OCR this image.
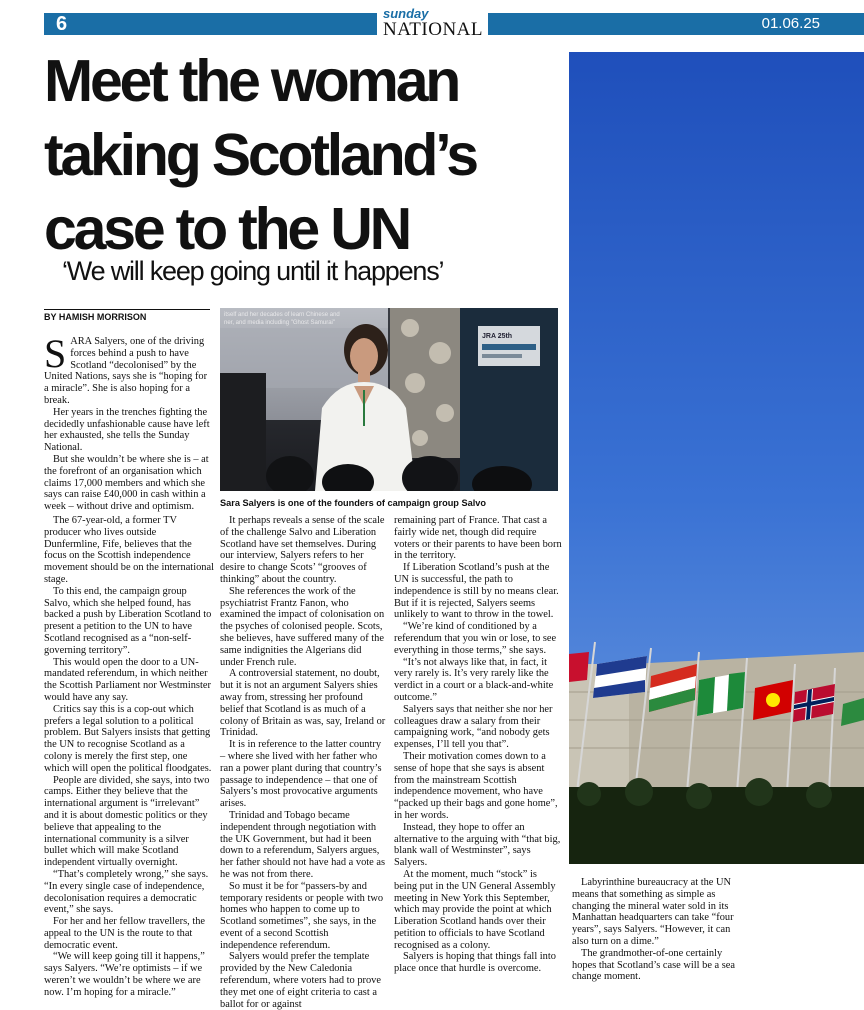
6	sunday
NATIONAL	01.06.25
Meet the woman taking Scotland’s case to the UN

‘We will keep going until it happens’

BY HAMISH MORRISON	itself and her decades of learn Chinese and
ner, and media including "Ghost Samurai"
JRA 25th
Sara Salyers is one of the founders of campaign group Salvo

SARA Salyers, one of the driving forces behind a push to have Scotland “decolonised” by the United Nations, says she is “hoping for a miracle”. She is also hoping for a break.

Her years in the trenches fighting the decidedly unfashionable cause have left her exhausted, she tells the Sunday National.

But she wouldn’t be where she is – at the forefront of an organisation which claims 17,000 members and which she says can raise £40,000 in cash within a week – without drive and optimism.

The 67-year-old, a former TV producer who lives outside Dunfermline, Fife, believes that the focus on the Scottish independence movement should be on the international stage.

To this end, the campaign group Salvo, which she helped found, has backed a push by Liberation Scotland to present a petition to the UN to have Scotland recognised as a “non-self-governing territory”.

This would open the door to a UN-mandated referendum, in which neither the Scottish Parliament nor Westminster would have any say.

Critics say this is a cop-out which prefers a legal solution to a political problem. But Salyers insists that getting the UN to recognise Scotland as a colony is merely the first step, one which will open the political floodgates.

People are divided, she says, into two camps. Either they believe that the international argument is “irrelevant” and it is about domestic politics or they believe that appealing to the international community is a silver bullet which will make Scotland independent virtually overnight.

“That’s completely wrong,” she says. “In every single case of independence, decolonisation requires a democratic event,” she says.

For her and her fellow travellers, the appeal to the UN is the route to that democratic event.

“We will keep going till it happens,” says Salyers. “We’re optimists – if we weren’t we wouldn’t be where we are now. I’m hoping for a miracle.”

It perhaps reveals a sense of the scale of the challenge Salvo and Liberation Scotland have set themselves. During our interview, Salyers refers to her desire to change Scots’ “grooves of thinking” about the country.

She references the work of the psychiatrist Frantz Fanon, who examined the impact of colonisation on the psyches of colonised people. Scots, she believes, have suffered many of the same indignities the Algerians did under French rule.

A controversial statement, no doubt, but it is not an argument Salyers shies away from, stressing her profound belief that Scotland is as much of a colony of Britain as was, say, Ireland or Trinidad.

It is in reference to the latter country – where she lived with her father who ran a power plant during that country’s passage to independence – that one of Salyers’s most provocative arguments arises.

Trinidad and Tobago became independent through negotiation with the UK Government, but had it been down to a referendum, Salyers argues, her father should not have had a vote as he was not from there.

So must it be for “passers-by and temporary residents or people with two homes who happen to come up to Scotland sometimes”, she says, in the event of a second Scottish independence referendum.

Salyers would prefer the template provided by the New Caledonia referendum, where voters had to prove they met one of eight criteria to cast a ballot for or against

remaining part of France. That cast a fairly wide net, though did require voters or their parents to have been born in the territory.

If Liberation Scotland’s push at the UN is successful, the path to independence is still by no means clear. But if it is rejected, Salyers seems unlikely to want to throw in the towel.

“We’re kind of conditioned by a referendum that you win or lose, to see everything in those terms,” she says.

“It’s not always like that, in fact, it very rarely is. It’s very rarely like the verdict in a court or a black-and-white outcome.”

Salyers says that neither she nor her colleagues draw a salary from their campaigning work, “and nobody gets expenses, I’ll tell you that”.

Their motivation comes down to a sense of hope that she says is absent from the mainstream Scottish independence movement, who have “packed up their bags and gone home”, in her words.

Instead, they hope to offer an alternative to the arguing with “that big, blank wall of Westminster”, says Salyers.

At the moment, much “stock” is being put in the UN General Assembly meeting in New York this September, which may provide the point at which Liberation Scotland hands over their petition to officials to have Scotland recognised as a colony.

Salyers is hoping that things fall into place once that hurdle is overcome.

Labyrinthine bureaucracy at the UN means that something as simple as changing the mineral water sold in its Manhattan headquarters can take “four years”, says Salyers. “However, it can also turn on a dime.”

The grandmother-of-one certainly hopes that Scotland’s case will be a sea change moment.
